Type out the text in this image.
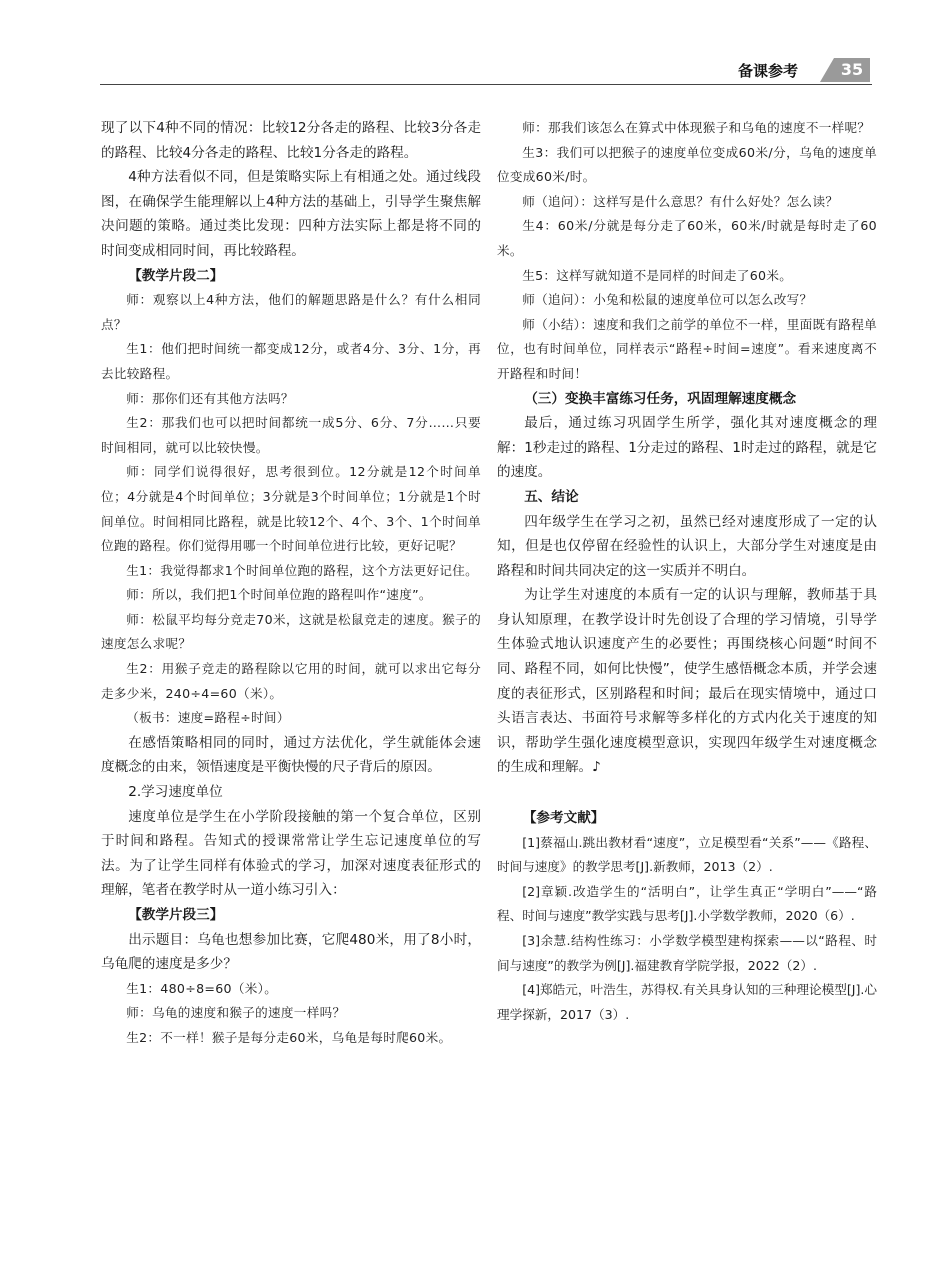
备课参考	35

现了以下4种不同的情况：比较12分各走的路程、比较3分各走的路程、比较4分各走的路程、比较1分各走的路程。

4种方法看似不同，但是策略实际上有相通之处。通过线段图，在确保学生能理解以上4种方法的基础上，引导学生聚焦解决问题的策略。通过类比发现：四种方法实际上都是将不同的时间变成相同时间，再比较路程。

【教学片段二】

师：观察以上4种方法，他们的解题思路是什么？有什么相同点？

生1：他们把时间统一都变成12分，或者4分、3分、1分，再去比较路程。

师：那你们还有其他方法吗？

生2：那我们也可以把时间都统一成5分、6分、7分……只要时间相同，就可以比较快慢。

师：同学们说得很好，思考很到位。12分就是12个时间单位；4分就是4个时间单位；3分就是3个时间单位；1分就是1个时间单位。时间相同比路程，就是比较12个、4个、3个、1个时间单位跑的路程。你们觉得用哪一个时间单位进行比较，更好记呢？

生1：我觉得都求1个时间单位跑的路程，这个方法更好记住。

师：所以，我们把1个时间单位跑的路程叫作“速度”。

师：松鼠平均每分竞走70米，这就是松鼠竞走的速度。猴子的速度怎么求呢？

生2：用猴子竞走的路程除以它用的时间，就可以求出它每分走多少米，240÷4=60（米）。

（板书：速度=路程÷时间）

在感悟策略相同的同时，通过方法优化，学生就能体会速度概念的由来，领悟速度是平衡快慢的尺子背后的原因。

2.学习速度单位

速度单位是学生在小学阶段接触的第一个复合单位，区别于时间和路程。告知式的授课常常让学生忘记速度单位的写法。为了让学生同样有体验式的学习，加深对速度表征形式的理解，笔者在教学时从一道小练习引入：

【教学片段三】

出示题目：乌龟也想参加比赛，它爬480米，用了8小时，乌龟爬的速度是多少？

生1：480÷8=60（米）。

师：乌龟的速度和猴子的速度一样吗？

生2：不一样！猴子是每分走60米，乌龟是每时爬60米。

师：那我们该怎么在算式中体现猴子和乌龟的速度不一样呢？

生3：我们可以把猴子的速度单位变成60米/分，乌龟的速度单位变成60米/时。

师（追问）：这样写是什么意思？有什么好处？怎么读？

生4：60米/分就是每分走了60米，60米/时就是每时走了60米。

生5：这样写就知道不是同样的时间走了60米。

师（追问）：小兔和松鼠的速度单位可以怎么改写？

师（小结）：速度和我们之前学的单位不一样，里面既有路程单位，也有时间单位，同样表示“路程÷时间=速度”。看来速度离不开路程和时间！

（三）变换丰富练习任务，巩固理解速度概念

最后，通过练习巩固学生所学，强化其对速度概念的理解：1秒走过的路程、1分走过的路程、1时走过的路程，就是它的速度。

五、结论

四年级学生在学习之初，虽然已经对速度形成了一定的认知，但是也仅停留在经验性的认识上，大部分学生对速度是由路程和时间共同决定的这一实质并不明白。

为让学生对速度的本质有一定的认识与理解，教师基于具身认知原理，在教学设计时先创设了合理的学习情境，引导学生体验式地认识速度产生的必要性；再围绕核心问题“时间不同、路程不同，如何比快慢”，使学生感悟概念本质，并学会速度的表征形式，区别路程和时间；最后在现实情境中，通过口头语言表达、书面符号求解等多样化的方式内化关于速度的知识，帮助学生强化速度模型意识，实现四年级学生对速度概念的生成和理解。♪

【参考文献】

[1]蔡福山.跳出教材看“速度”，立足模型看“关系”——《路程、时间与速度》的教学思考[J].新教师，2013（2）.

[2]章颖.改造学生的“活明白”，让学生真正“学明白”——“路程、时间与速度”教学实践与思考[J].小学数学教师，2020（6）.

[3]余慧.结构性练习：小学数学模型建构探索——以“路程、时间与速度”的教学为例[J].福建教育学院学报，2022（2）.

[4]郑皓元，叶浩生，苏得权.有关具身认知的三种理论模型[J].心理学探新，2017（3）.
